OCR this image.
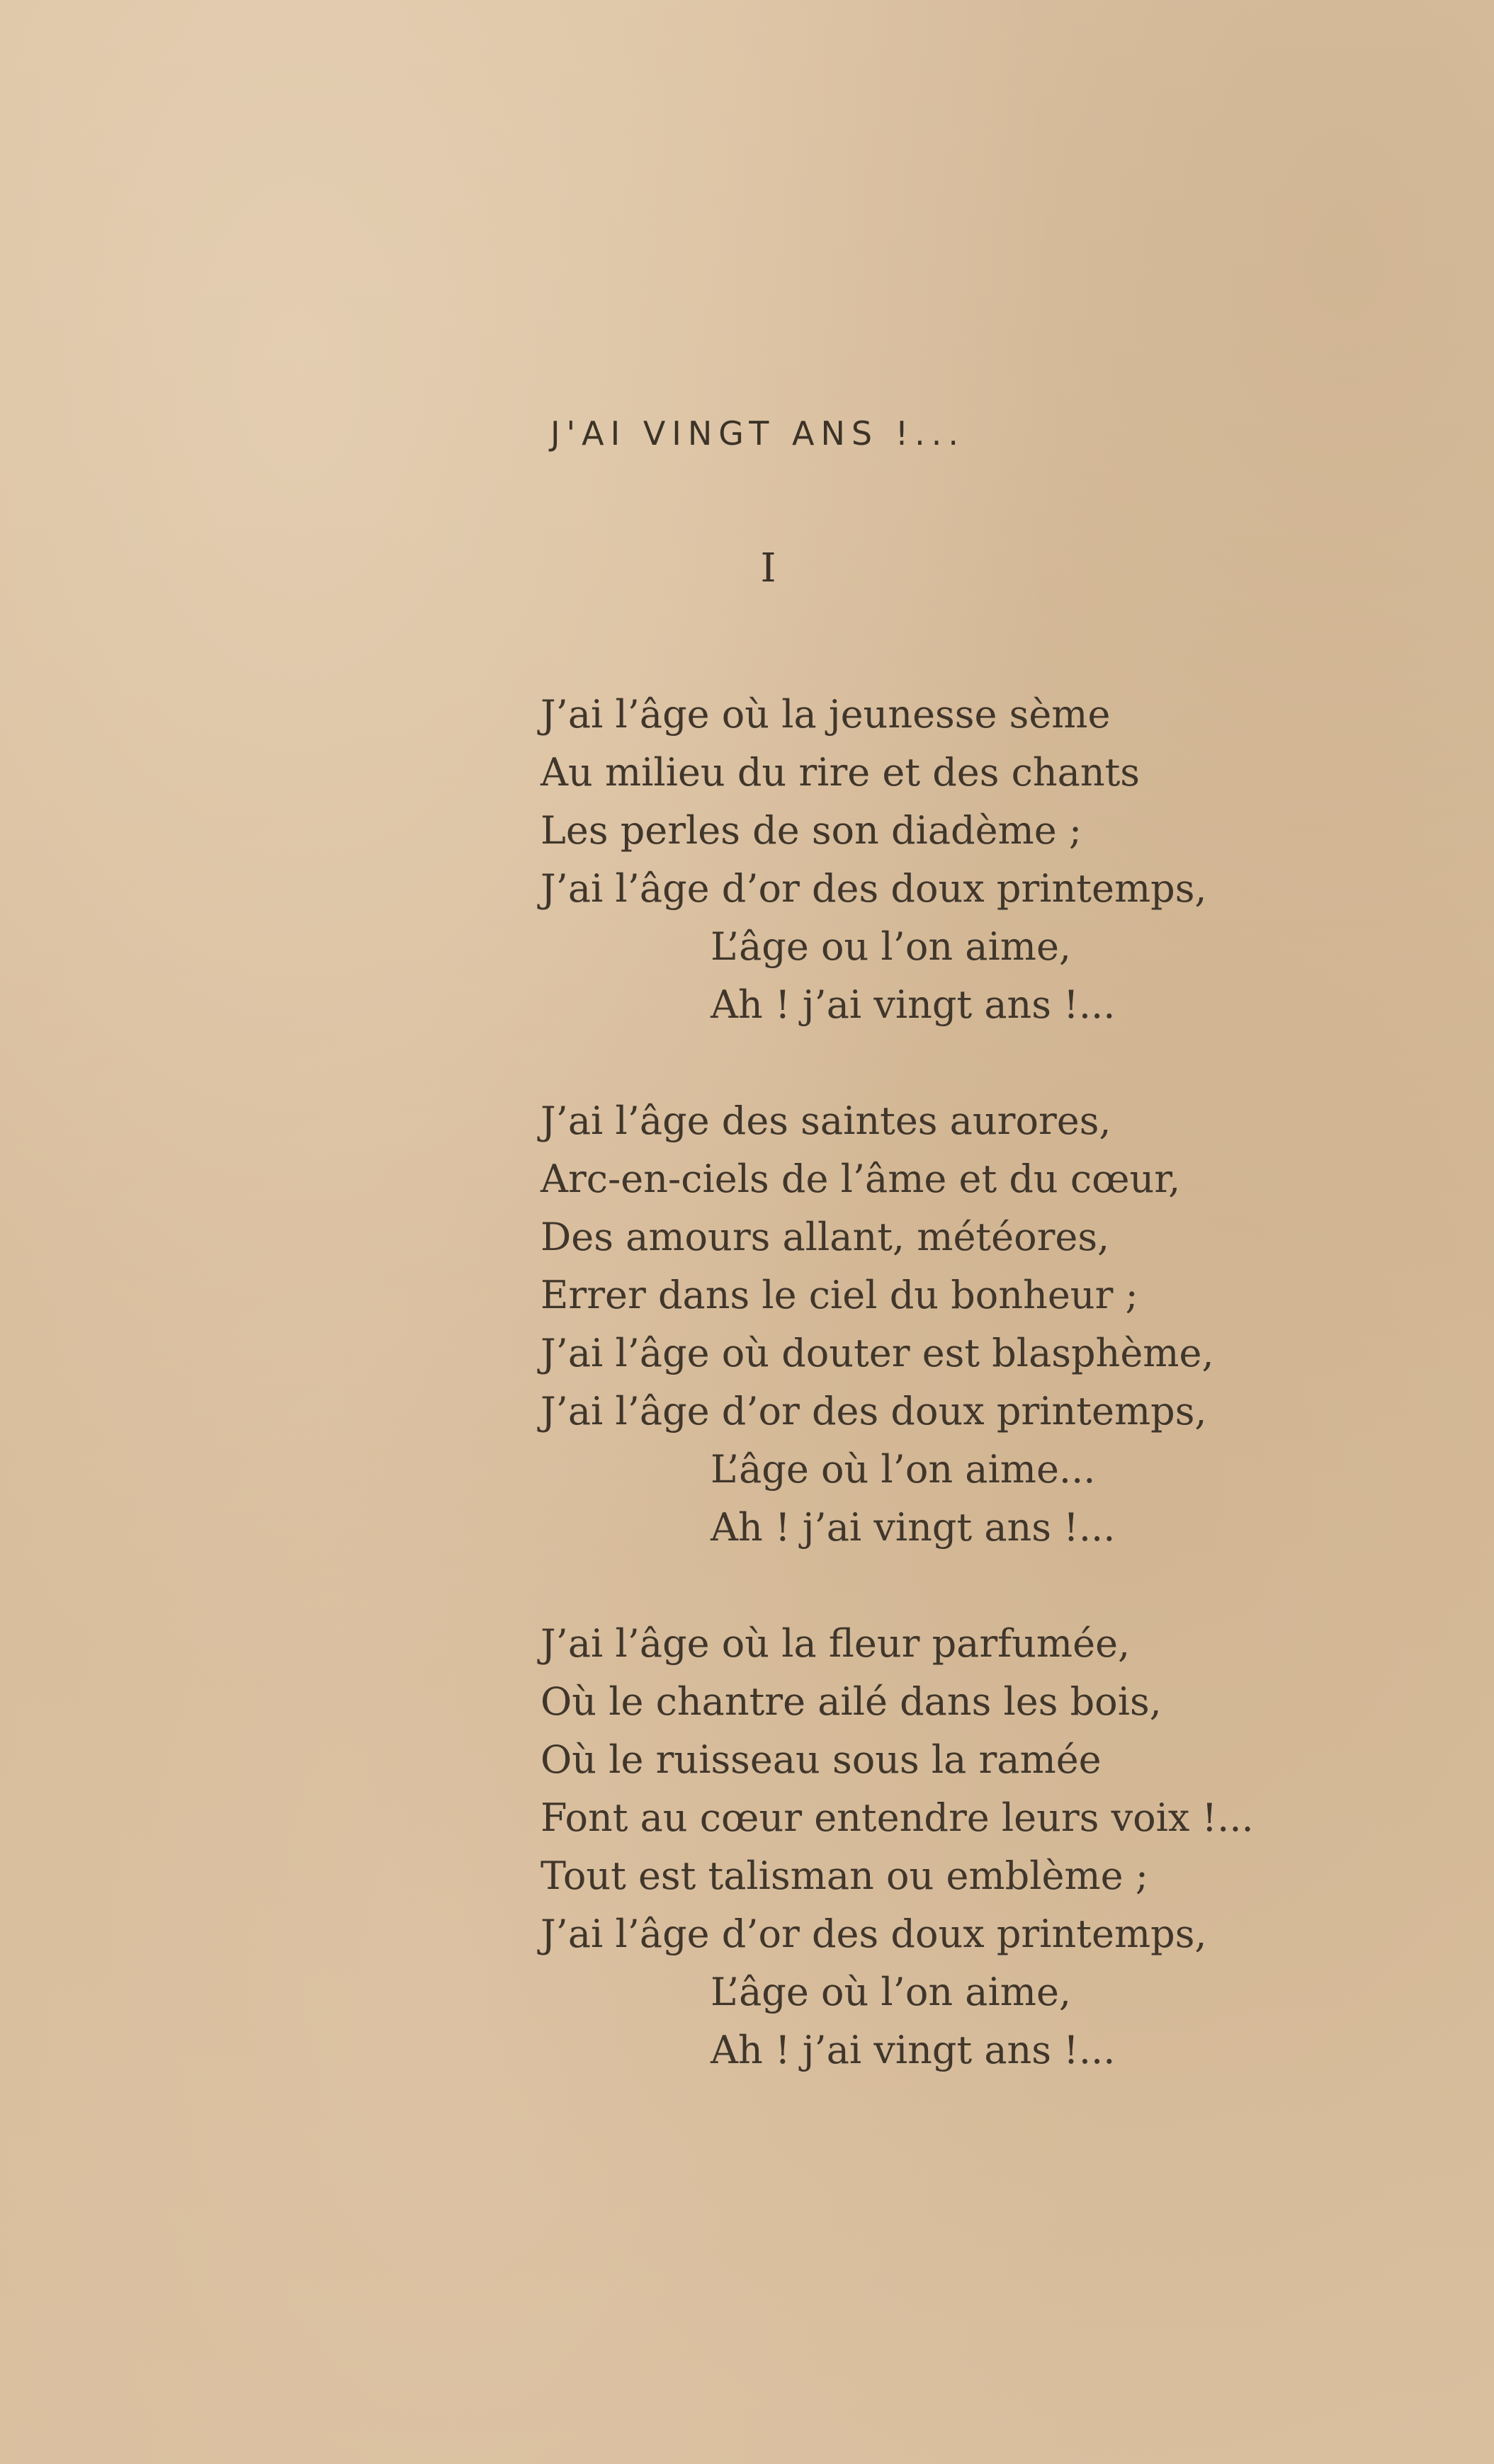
J'AI VINGT ANS !...
I
J’ai l’âge où la jeunesse sème
Au milieu du rire et des chants
Les perles de son diadème ;
J’ai l’âge d’or des doux printemps,
L’âge ou l’on aime,
Ah ! j’ai vingt ans !...
J’ai l’âge des saintes aurores,
Arc-en-ciels de l’âme et du cœur,
Des amours allant, météores,
Errer dans le ciel du bonheur ;
J’ai l’âge où douter est blasphème,
J’ai l’âge d’or des doux printemps,
L’âge où l’on aime...
Ah ! j’ai vingt ans !...
J’ai l’âge où la fleur parfumée,
Où le chantre ailé dans les bois,
Où le ruisseau sous la ramée
Font au cœur entendre leurs voix !...
Tout est talisman ou emblème ;
J’ai l’âge d’or des doux printemps,
L’âge où l’on aime,
Ah ! j’ai vingt ans !...
